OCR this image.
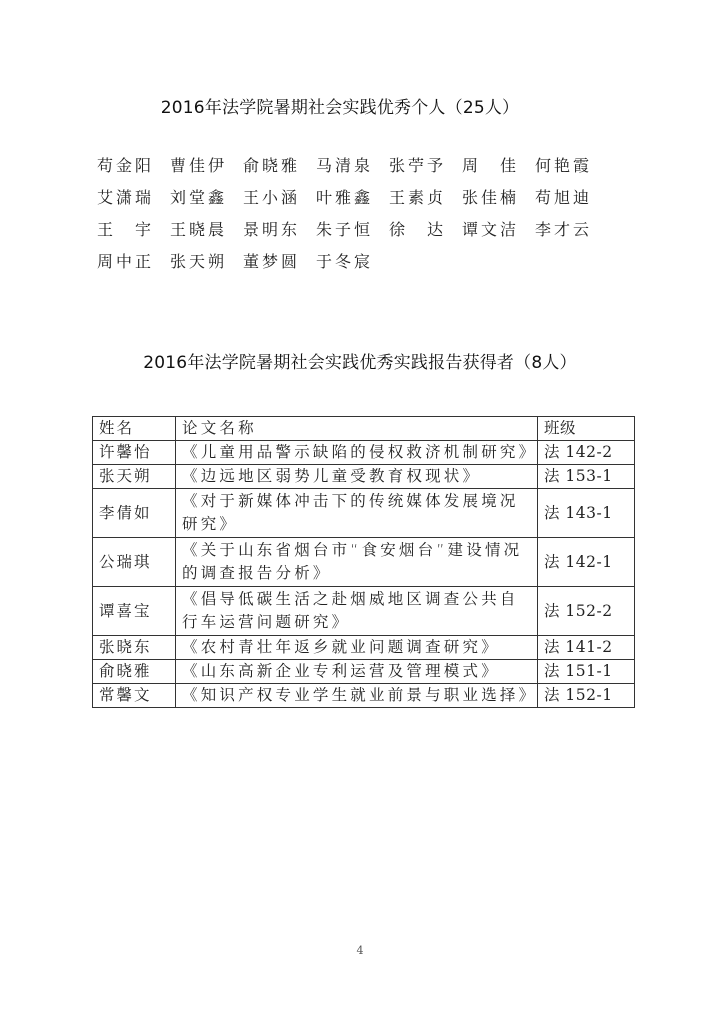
2016年法学院暑期社会实践优秀个人（25人）
苟金阳 曹佳伊 俞晓雅 马清泉 张苧予 周　佳 何艳霞
艾潇瑞 刘堂鑫 王小涵 叶雅鑫 王素贞 张佳楠 苟旭迪
王　宇 王晓晨 景明东 朱子恒 徐　达 谭文洁 李才云
周中正 张天朔 董梦圆 于冬宸
2016年法学院暑期社会实践优秀实践报告获得者（8人）
姓名	论文名称	班级
许馨怡	《儿童用品警示缺陷的侵权救济机制研究》	法 142-2
张天朔	《边远地区弱势儿童受教育权现状》	法 153-1
李倩如	《对于新媒体冲击下的传统媒体发展境况研究》	法 143-1
公瑞琪	《关于山东省烟台市“食安烟台”建设情况的调查报告分析》	法 142-1
谭喜宝	《倡导低碳生活之赴烟威地区调查公共自行车运营问题研究》	法 152-2
张晓东	《农村青壮年返乡就业问题调查研究》	法 141-2
俞晓雅	《山东高新企业专利运营及管理模式》	法 151-1
常馨文	《知识产权专业学生就业前景与职业选择》	法 152-1
4
